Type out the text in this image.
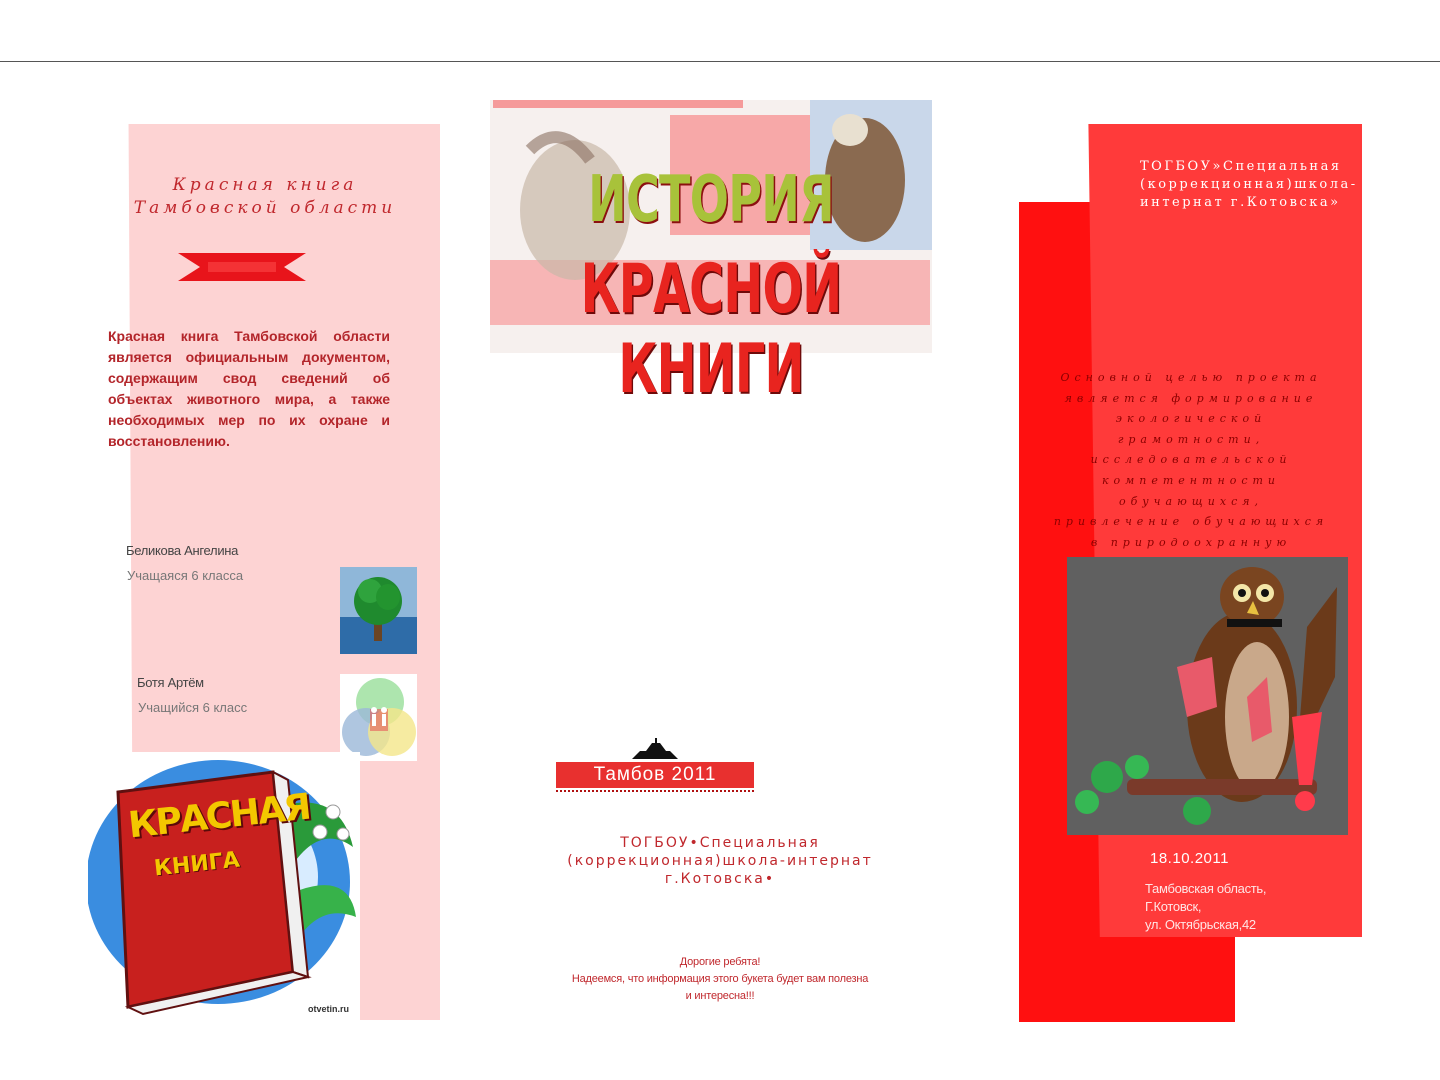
Красная книга
Тамбовской области
Красная книга Тамбовской области является официальным документом, содержащим свод сведений об объектах животного мира, а также необходимых мер по их охране и восстановлению.
Беликова Ангелина
Учащаяся 6 класса
Ботя Артём
Учащийся 6 класс
КРАСНАЯ
КНИГА
otvetin.ru
ИСТОРИЯ
КРАСНОЙ КНИГИ
Тамбов 2011
ТОГБОУ•Специальная
(коррекционная)школа-интернат
г.Котовска•
Дорогие ребята!
Надеемся, что информация этого букета будет вам полезна
и интересна!!!
ТОГБОУ»Специальная
(коррекционная)школа-
интернат г.Котовска»
Основной целью проекта
является формирование
экологической
грамотности,
исследовательской
компетентности
обучающихся,
привлечение обучающихся
в природоохранную
18.10.2011
Тамбовская область,
Г.Котовск,
ул. Октябрьская,42
